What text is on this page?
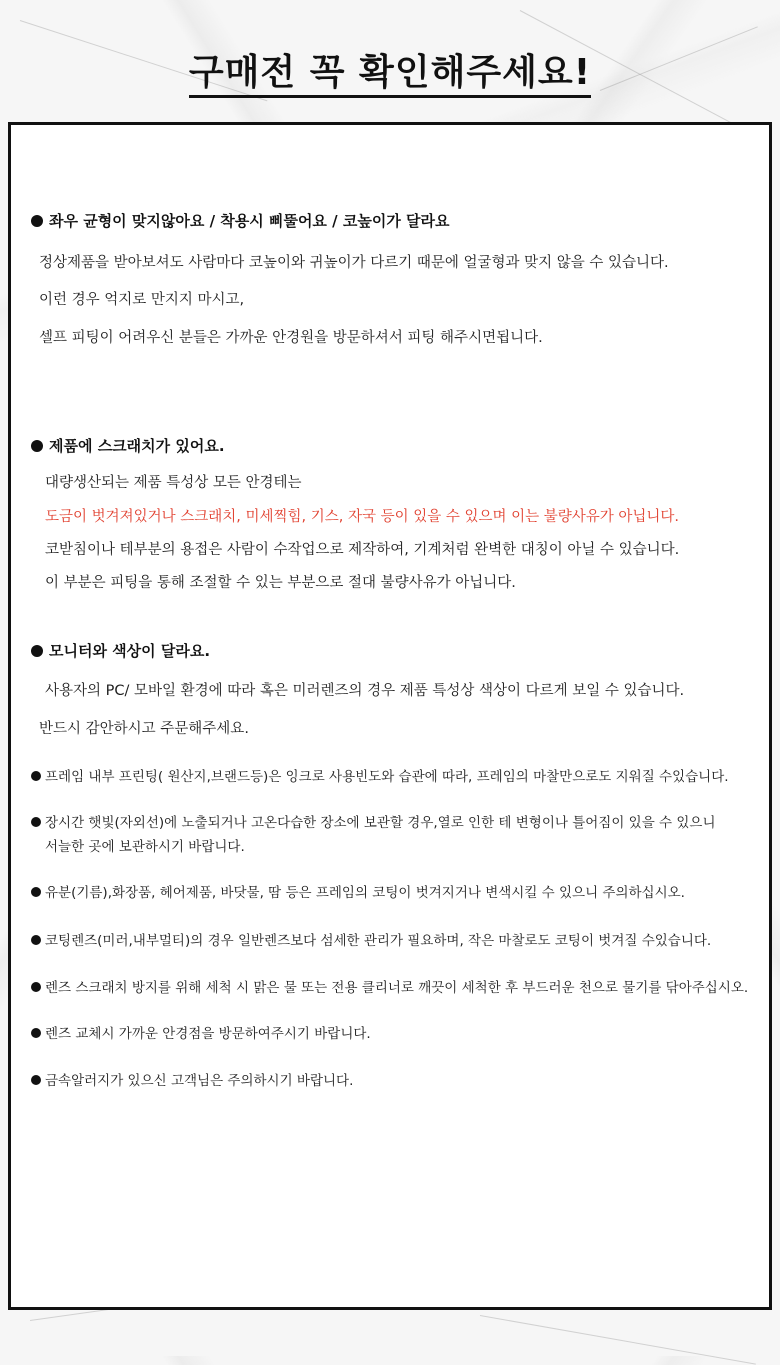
구매전 꼭 확인해주세요!
좌우 균형이 맞지않아요 / 착용시 삐뚤어요 / 코높이가 달라요
정상제품을 받아보셔도 사람마다 코높이와 귀높이가 다르기 때문에 얼굴형과 맞지 않을 수 있습니다.
이런 경우 억지로 만지지 마시고,
셀프 피팅이 어려우신 분들은 가까운 안경원을 방문하셔서 피팅 해주시면됩니다.
제품에 스크래치가 있어요.
대량생산되는 제품 특성상 모든 안경테는
도금이 벗겨져있거나 스크래치, 미세찍힘, 기스, 자국 등이 있을 수 있으며 이는 불량사유가 아닙니다.
코받침이나 테부분의 용접은 사람이 수작업으로 제작하여, 기계처럼 완벽한 대칭이 아닐 수 있습니다.
이 부분은 피팅을 통해 조절할 수 있는 부분으로 절대 불량사유가 아닙니다.
모니터와 색상이 달라요.
사용자의 PC/ 모바일 환경에 따라 혹은 미러렌즈의 경우 제품 특성상 색상이 다르게 보일 수 있습니다.
반드시 감안하시고 주문해주세요.
프레임 내부 프린팅( 원산지,브랜드등)은 잉크로 사용빈도와 습관에 따라, 프레임의 마찰만으로도 지워질 수있습니다.
장시간 햇빛(자외선)에 노출되거나 고온다습한 장소에 보관할 경우,열로 인한 테 변형이나 틀어짐이 있을 수 있으니
서늘한 곳에 보관하시기 바랍니다.
유분(기름),화장품, 헤어제품, 바닷물, 땀 등은 프레임의 코팅이 벗겨지거나 변색시킬 수 있으니 주의하십시오.
코팅렌즈(미러,내부멀티)의 경우 일반렌즈보다 섬세한 관리가 필요하며, 작은 마찰로도 코팅이 벗겨질 수있습니다.
렌즈 스크래치 방지를 위해 세척 시 맑은 물 또는 전용 클리너로 깨끗이 세척한 후 부드러운 천으로 물기를 닦아주십시오.
렌즈 교체시 가까운 안경점을 방문하여주시기 바랍니다.
금속알러지가 있으신 고객님은 주의하시기 바랍니다.
